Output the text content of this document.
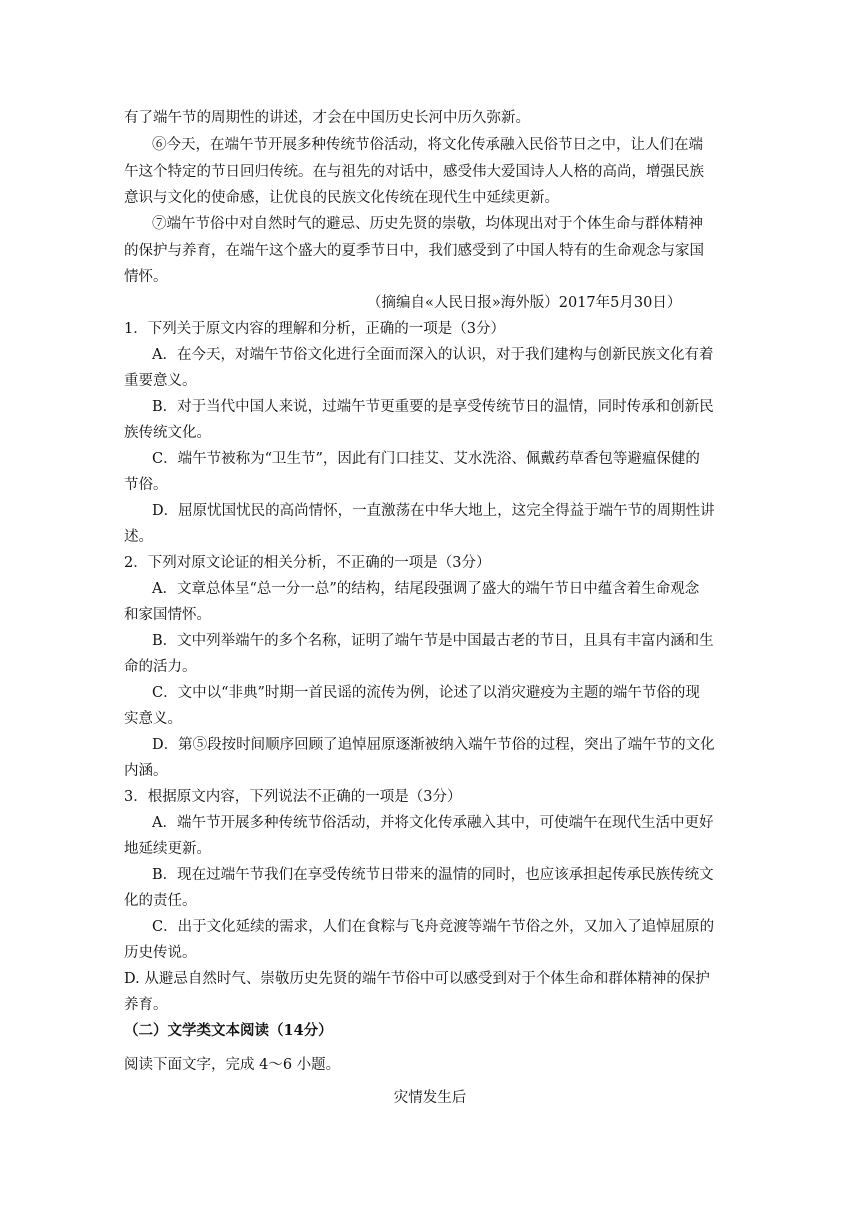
有了端午节的周期性的讲述，才会在中国历史长河中历久弥新。
⑥今天，在端午节开展多种传统节俗活动，将文化传承融入民俗节日之中，让人们在端
午这个特定的节日回归传统。在与祖先的对话中，感受伟大爱国诗人人格的高尚，增强民族
意识与文化的使命感，让优良的民族文化传统在现代生中延续更新。
⑦端午节俗中对自然时气的避忌、历史先贤的崇敬，均体现出对于个体生命与群体精神
的保护与养育，在端午这个盛大的夏季节日中，我们感受到了中国人特有的生命观念与家国
情怀。
（摘编自«人民日报»海外版）2017年5月30日）
1．下列关于原文内容的理解和分析，正确的一项是（3分）
A．在今天，对端午节俗文化进行全面而深入的认识，对于我们建构与创新民族文化有着
重要意义。
B．对于当代中国人来说，过端午节更重要的是享受传统节日的温情，同时传承和创新民
族传统文化。
C．端午节被称为“卫生节”，因此有门口挂艾、艾水洗浴、佩戴药草香包等避瘟保健的
节俗。
D．屈原忧国忧民的高尚情怀，一直激荡在中华大地上，这完全得益于端午节的周期性讲
述。
2．下列对原文论证的相关分析，不正确的一项是（3分）
A．文章总体呈“总一分一总”的结构，结尾段强调了盛大的端午节日中蕴含着生命观念
和家国情怀。
B．文中列举端午的多个名称，证明了端午节是中国最古老的节日，且具有丰富内涵和生
命的活力。
C．文中以“非典”时期一首民谣的流传为例，论述了以消灾避疫为主题的端午节俗的现
实意义。
D．第⑤段按时间顺序回顾了追悼屈原逐渐被纳入端午节俗的过程，突出了端午节的文化
内涵。
3．根据原文内容，下列说法不正确的一项是（3分）
A．端午节开展多种传统节俗活动，并将文化传承融入其中，可使端午在现代生活中更好
地延续更新。
B．现在过端午节我们在享受传统节日带来的温情的同时，也应该承担起传承民族传统文
化的责任。
C．出于文化延续的需求，人们在食粽与飞舟竞渡等端午节俗之外，又加入了追悼屈原的
历史传说。
D. 从避忌自然时气、崇敬历史先贤的端午节俗中可以感受到对于个体生命和群体精神的保护
养育。
（二）文学类文本阅读（14分）
阅读下面文字，完成 4～6 小题。
灾情发生后
